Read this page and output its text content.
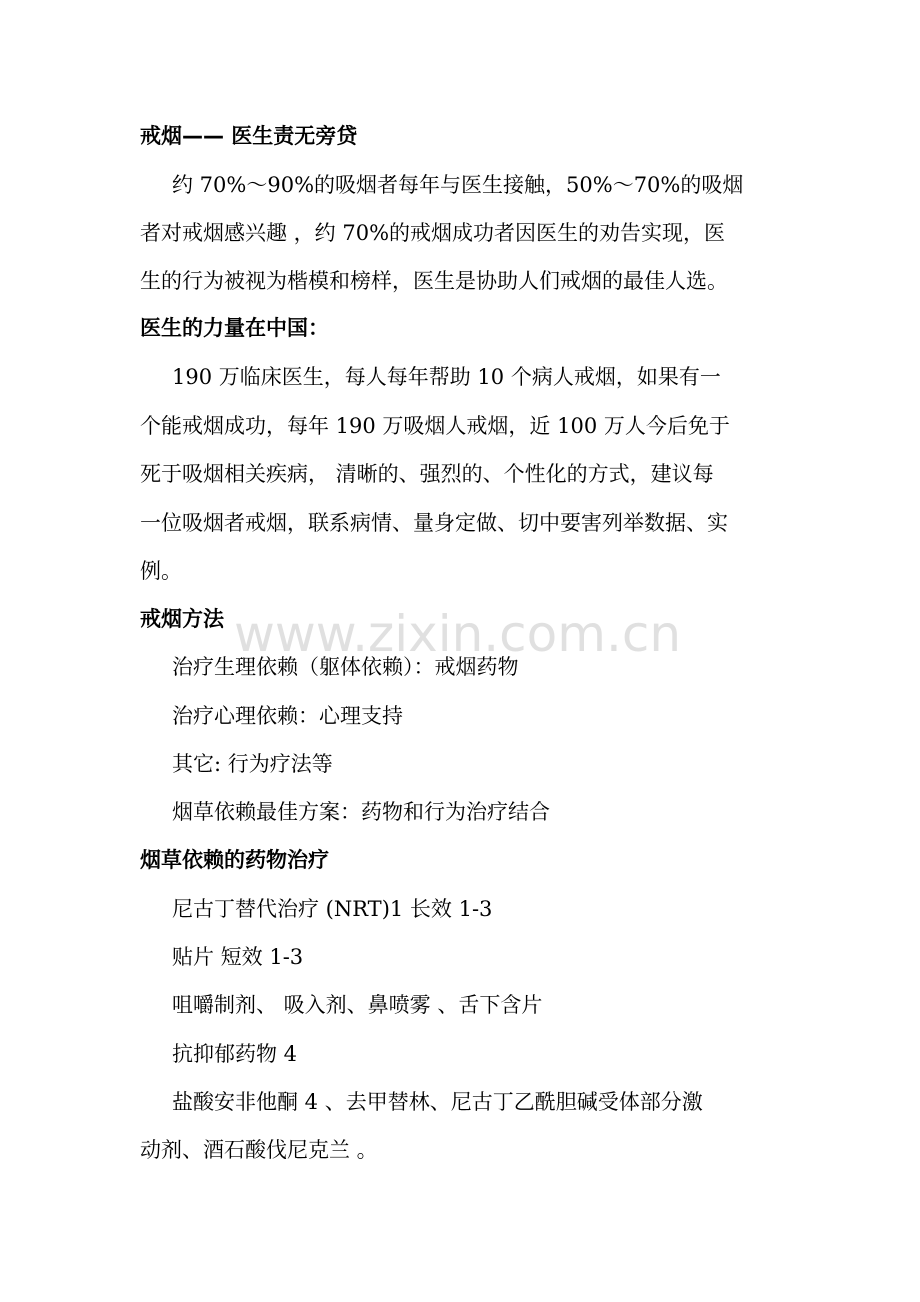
www.zixin.com.cn
戒烟—— 医生责无旁贷
约 70%～90%的吸烟者每年与医生接触，50%～70%的吸烟
者对戒烟感兴趣 ，约 70%的戒烟成功者因医生的劝告实现，医
生的行为被视为楷模和榜样，医生是协助人们戒烟的最佳人选。
医生的力量在中国：
190 万临床医生，每人每年帮助 10 个病人戒烟，如果有一
个能戒烟成功，每年 190 万吸烟人戒烟，近 100 万人今后免于
死于吸烟相关疾病， 清晰的、强烈的、个性化的方式，建议每
一位吸烟者戒烟，联系病情、量身定做、切中要害列举数据、实
例。
戒烟方法
治疗生理依赖（躯体依赖）：戒烟药物
治疗心理依赖：心理支持
其它: 行为疗法等
烟草依赖最佳方案：药物和行为治疗结合
烟草依赖的药物治疗
尼古丁替代治疗 (NRT)1 长效 1-3
贴片 短效 1-3
咀嚼制剂、 吸入剂、鼻喷雾 、舌下含片
抗抑郁药物 4
盐酸安非他酮 4 、去甲替林、尼古丁乙酰胆碱受体部分激
动剂、酒石酸伐尼克兰 。
